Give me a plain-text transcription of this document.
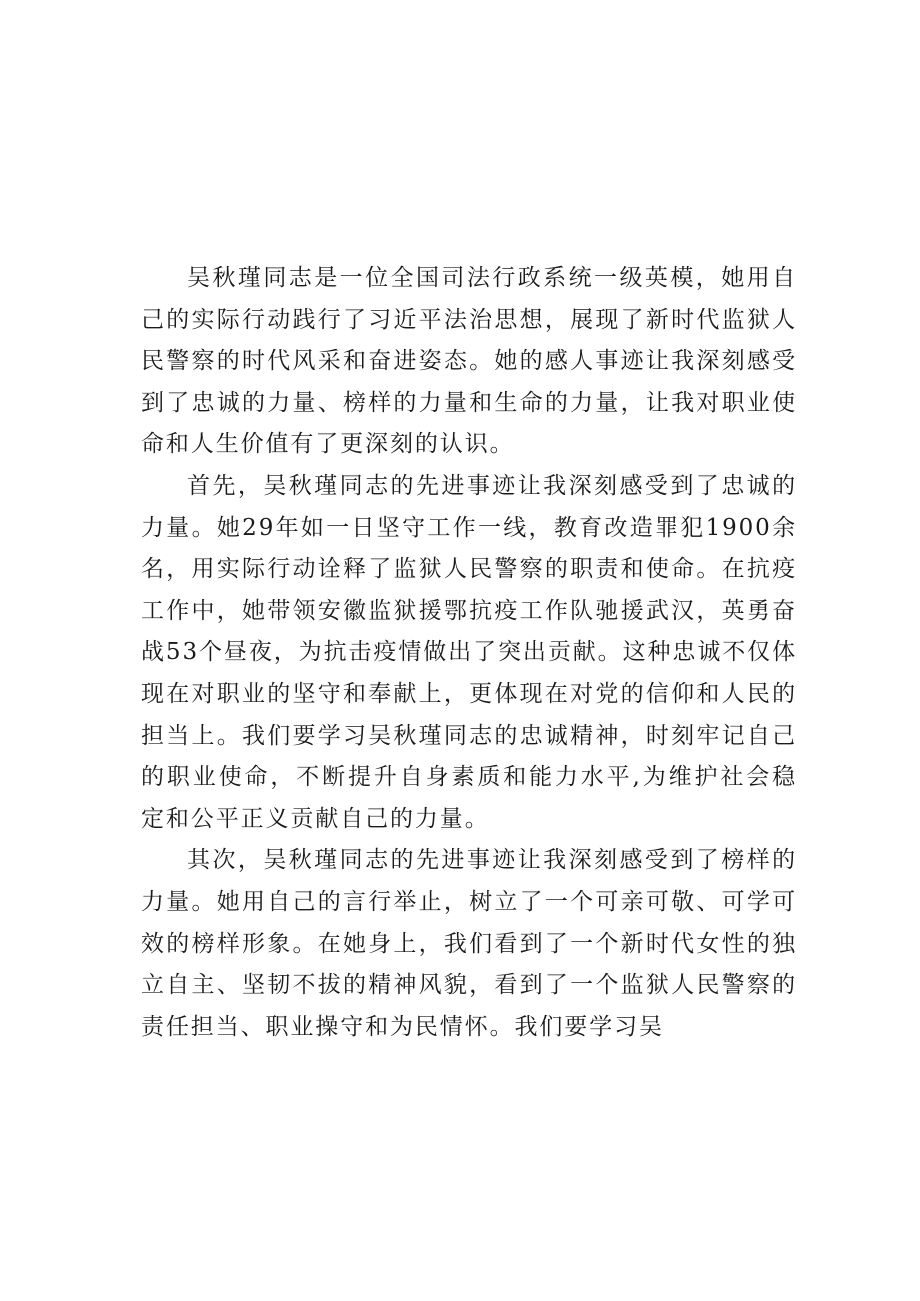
吴秋瑾同志是一位全国司法行政系统一级英模，她用自己的实际行动践行了习近平法治思想，展现了新时代监狱人民警察的时代风采和奋进姿态。她的感人事迹让我深刻感受到了忠诚的力量、榜样的力量和生命的力量，让我对职业使命和人生价值有了更深刻的认识。

首先，吴秋瑾同志的先进事迹让我深刻感受到了忠诚的力量。她29年如一日坚守工作一线，教育改造罪犯1900余名，用实际行动诠释了监狱人民警察的职责和使命。在抗疫工作中，她带领安徽监狱援鄂抗疫工作队驰援武汉，英勇奋战53个昼夜，为抗击疫情做出了突出贡献。这种忠诚不仅体现在对职业的坚守和奉献上，更体现在对党的信仰和人民的担当上。我们要学习吴秋瑾同志的忠诚精神，时刻牢记自己的职业使命，不断提升自身素质和能力水平,为维护社会稳定和公平正义贡献自己的力量。

其次，吴秋瑾同志的先进事迹让我深刻感受到了榜样的力量。她用自己的言行举止，树立了一个可亲可敬、可学可效的榜样形象。在她身上，我们看到了一个新时代女性的独立自主、坚韧不拔的精神风貌，看到了一个监狱人民警察的责任担当、职业操守和为民情怀。我们要学习吴
